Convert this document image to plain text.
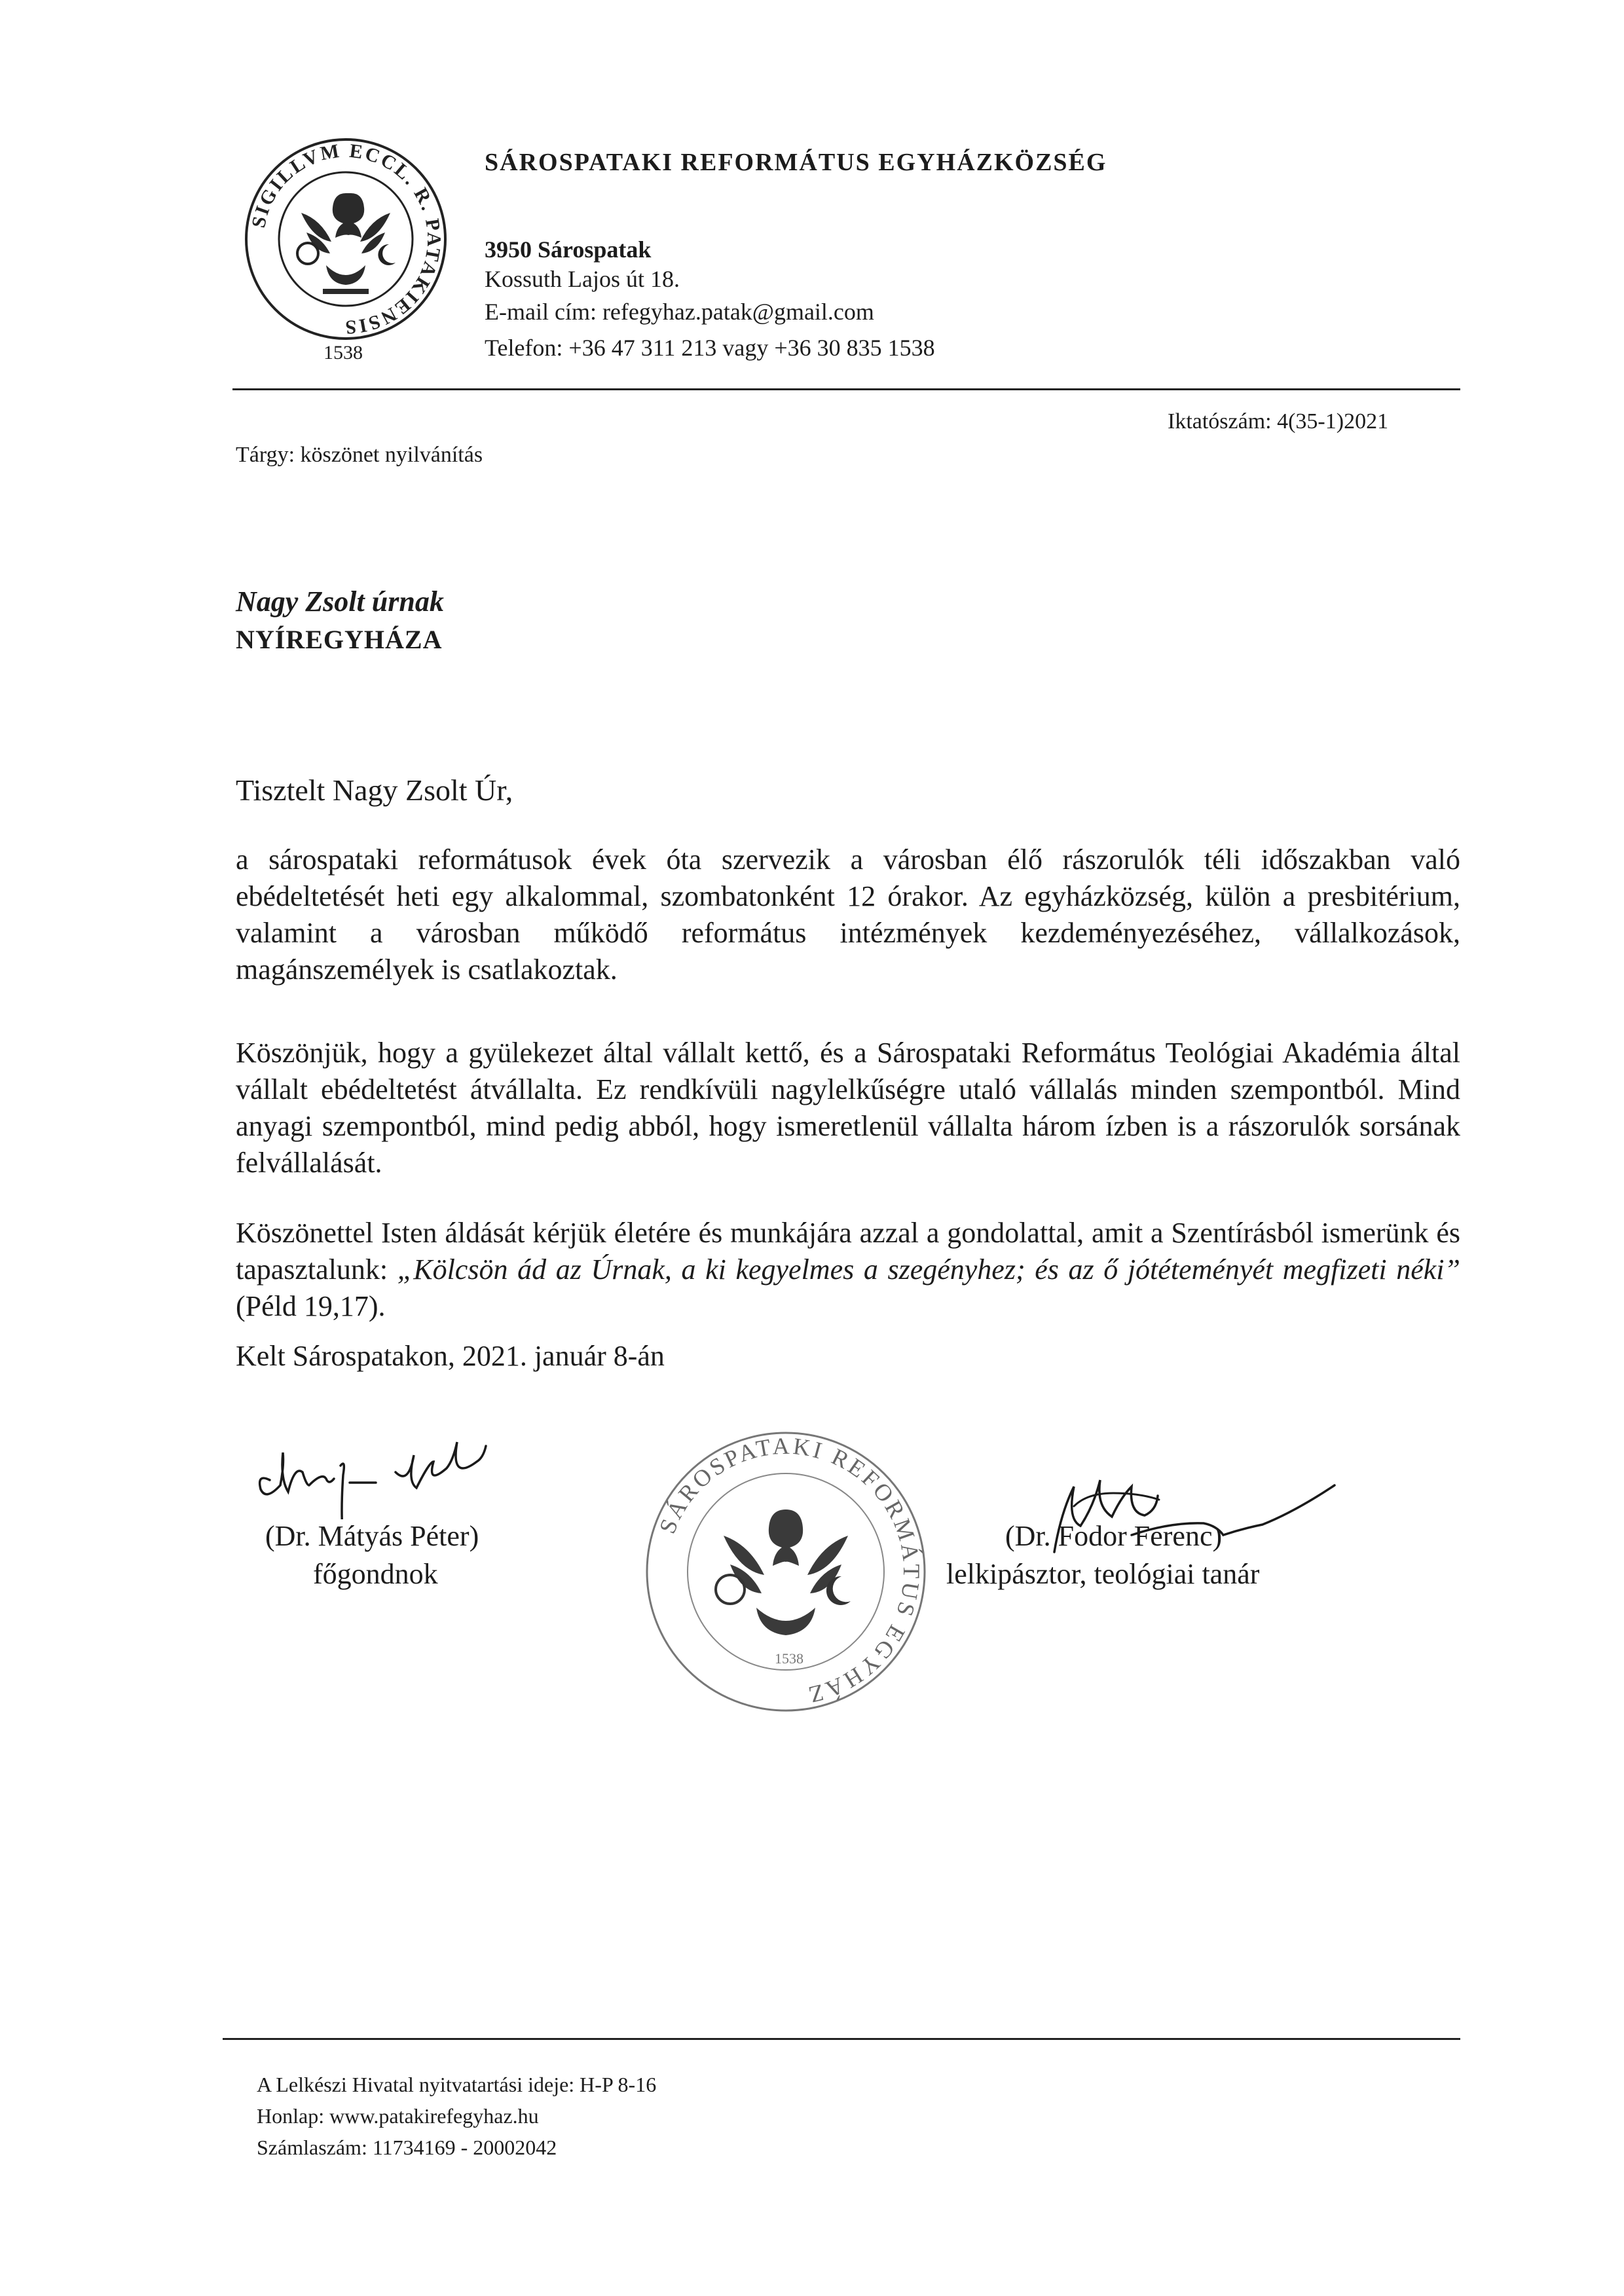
SIGILLVM ECCL. R. PATAKIENSIS
1538
SÁROSPATAKI REFORMÁTUS EGYHÁZKÖZSÉG
3950 Sárospatak
Kossuth Lajos út 18.
E-mail cím: refegyhaz.patak@gmail.com
Telefon: +36 47 311 213 vagy +36 30 835 1538
Iktatószám: 4(35-1)2021
Tárgy: köszönet nyilvánítás
Nagy Zsolt úrnak
NYÍREGYHÁZA
Tisztelt Nagy Zsolt Úr,
a sárospataki reformátusok évek óta szervezik a városban élő rászorulók téli időszakban való ebédeltetését heti egy alkalommal, szombatonként 12 órakor. Az egyházközség, külön a presbitérium, valamint a városban működő református intézmények kezdeményezéséhez, vállalkozások, magánszemélyek is csatlakoztak.
Köszönjük, hogy a gyülekezet által vállalt kettő, és a Sárospataki Református Teológiai Akadémia által vállalt ebédeltetést átvállalta. Ez rendkívüli nagylelkűségre utaló vállalás minden szempontból. Mind anyagi szempontból, mind pedig abból, hogy ismeretlenül vállalta három ízben is a rászorulók sorsának felvállalását.
Köszönettel Isten áldását kérjük életére és munkájára azzal a gondolattal, amit a Szentírásból ismerünk és tapasztalunk: „Kölcsön ád az Úrnak, a ki kegyelmes a szegényhez; és az ő jótéteményét megfizeti néki” (Péld 19,17).
Kelt Sárospatakon, 2021. január 8-án
(Dr. Mátyás Péter)
főgondnok
SÁROSPATAKI REFORMÁTUS EGYHÁZ
1538
(Dr. Fodor Ferenc)
lelkipásztor, teológiai tanár
A Lelkészi Hivatal nyitvatartási ideje: H-P 8-16
Honlap: www.patakirefegyhaz.hu
Számlaszám: 11734169 - 20002042
